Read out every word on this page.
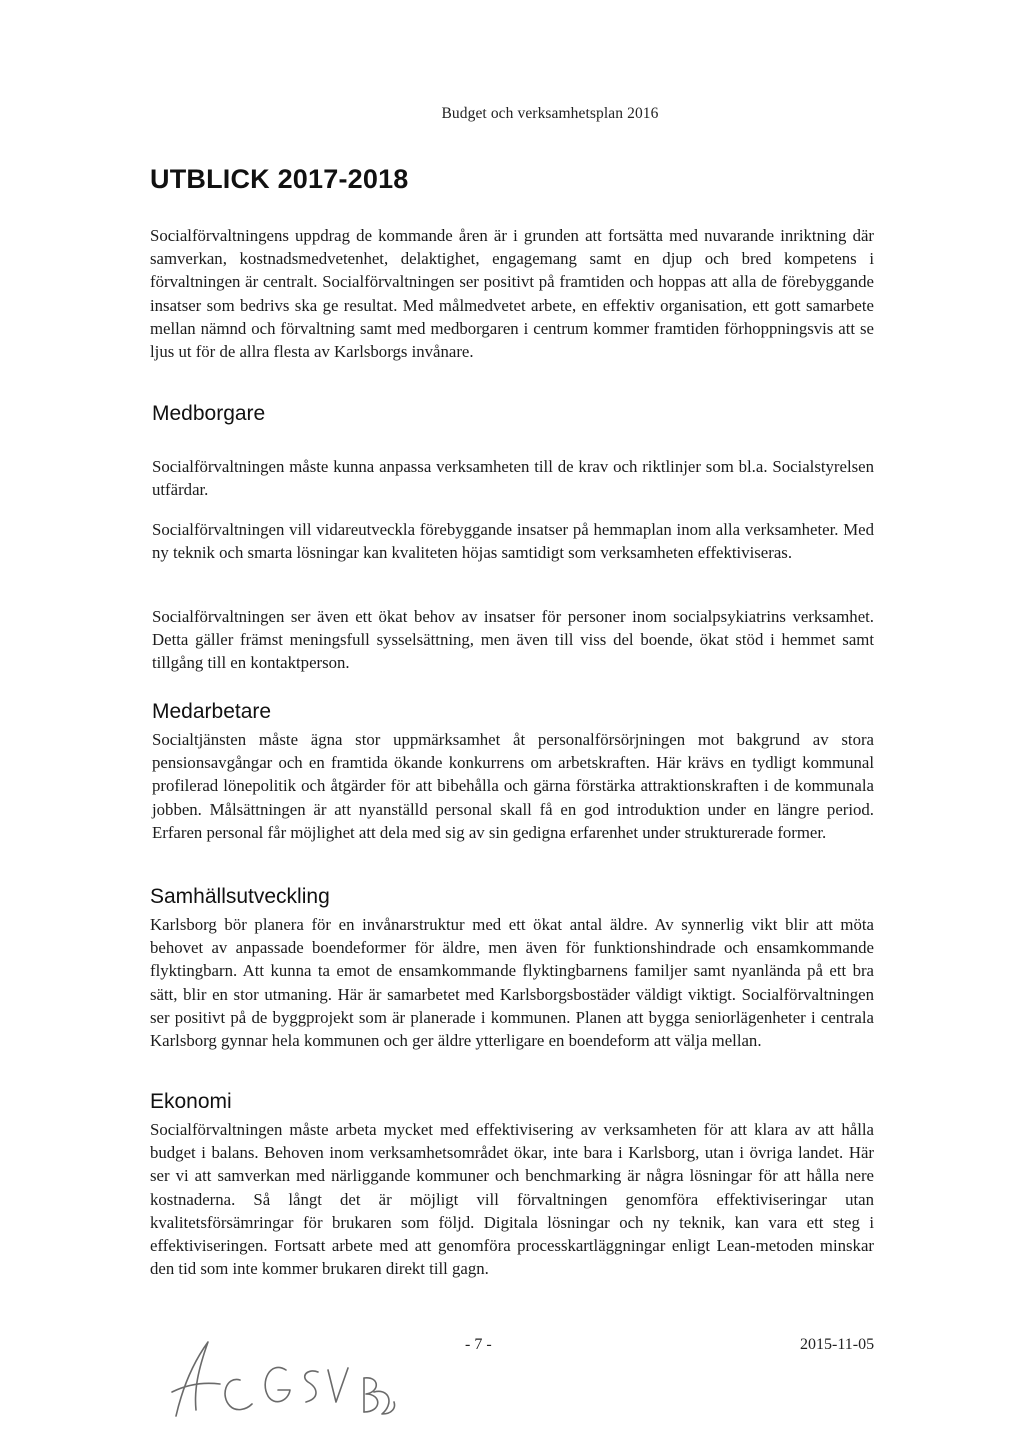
Budget och verksamhetsplan 2016
UTBLICK 2017-2018

Socialförvaltningens uppdrag de kommande åren är i grunden att fortsätta med nuvarande inriktning där samverkan, kostnadsmedvetenhet, delaktighet, engagemang samt en djup och bred kompetens i förvaltningen är centralt. Socialförvaltningen ser positivt på framtiden och hoppas att alla de förebyggande insatser som bedrivs ska ge resultat. Med målmedvetet arbete, en effektiv organisation, ett gott samarbete mellan nämnd och förvaltning samt med medborgaren i centrum kommer framtiden förhoppningsvis att se ljus ut för de allra flesta av Karlsborgs invånare.

Medborgare

Socialförvaltningen måste kunna anpassa verksamheten till de krav och riktlinjer som bl.a. Socialstyrelsen utfärdar.

Socialförvaltningen vill vidareutveckla förebyggande insatser på hemmaplan inom alla verksamheter. Med ny teknik och smarta lösningar kan kvaliteten höjas samtidigt som verksamheten effektiviseras.

Socialförvaltningen ser även ett ökat behov av insatser för personer inom socialpsykiatrins verksamhet. Detta gäller främst meningsfull sysselsättning, men även till viss del boende, ökat stöd i hemmet samt tillgång till en kontaktperson.

Medarbetare

Socialtjänsten måste ägna stor uppmärksamhet åt personalförsörjningen mot bakgrund av stora pensionsavgångar och en framtida ökande konkurrens om arbetskraften. Här krävs en tydligt kommunal profilerad lönepolitik och åtgärder för att bibehålla och gärna förstärka attraktionskraften i de kommunala jobben. Målsättningen är att nyanställd personal skall få en god introduktion under en längre period. Erfaren personal får möjlighet att dela med sig av sin gedigna erfarenhet under strukturerade former.

Samhällsutveckling

Karlsborg bör planera för en invånarstruktur med ett ökat antal äldre. Av synnerlig vikt blir att möta behovet av anpassade boendeformer för äldre, men även för funktionshindrade och ensamkommande flyktingbarn. Att kunna ta emot de ensamkommande flyktingbarnens familjer samt nyanlända på ett bra sätt, blir en stor utmaning. Här är samarbetet med Karlsborgsbostäder väldigt viktigt. Socialförvaltningen ser positivt på de byggprojekt som är planerade i kommunen. Planen att bygga seniorlägenheter i centrala Karlsborg gynnar hela kommunen och ger äldre ytterligare en boendeform att välja mellan.

Ekonomi

Socialförvaltningen måste arbeta mycket med effektivisering av verksamheten för att klara av att hålla budget i balans. Behoven inom verksamhetsområdet ökar, inte bara i Karlsborg, utan i övriga landet. Här ser vi att samverkan med närliggande kommuner och benchmarking är några lösningar för att hålla nere kostnaderna. Så långt det är möjligt vill förvaltningen genomföra effektiviseringar utan kvalitetsförsämringar för brukaren som följd. Digitala lösningar och ny teknik, kan vara ett steg i effektiviseringen. Fortsatt arbete med att genomföra processkartläggningar enligt Lean-metoden minskar den tid som inte kommer brukaren direkt till gagn.

- 7 -	2015-11-05
